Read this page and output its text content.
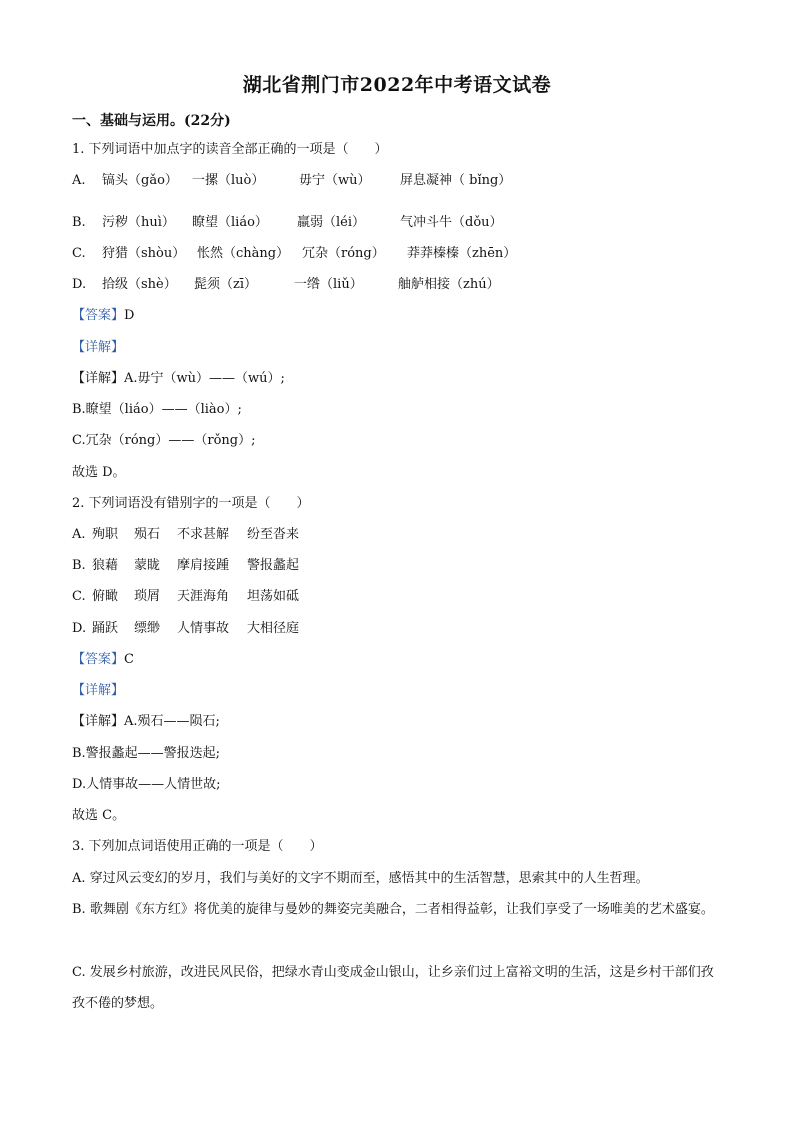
湖北省荆门市2022年中考语文试卷
一、基础与运用。(22分)
1. 下列词语中加点字的读音全部正确的一项是（　　）
A.	镐头（gǎo）	一摞（luò）	毋宁（wù）	屏息凝神（ bǐng）
B.	污秽（huì）	瞭望（liáo）	羸弱（léi）	气冲斗牛（dǒu）
C.	狩猎（shòu） 怅然（chàng） 冗杂（róng）	莽莽榛榛（zhēn）
D.	拾级（shè）	髭须（zī）	一绺（liǔ）	舳舻相接（zhú）
【答案】D
【详解】
【详解】A.毋宁（wù）——（wú）;
B.瞭望（liáo）——（liào）;
C.冗杂（róng）——（rǒng）;
故选 D。
2. 下列词语没有错别字的一项是（　　）
A. 殉职	殒石	不求甚解	纷至沓来
B. 狼藉	蒙眬	摩肩接踵	警报蠡起
C. 俯瞰	琐屑	天涯海角	坦荡如砥
D. 踊跃	缥缈	人情事故	大相径庭
【答案】C
【详解】
【详解】A.殒石——陨石;
B.警报蠡起——警报迭起;
D.人情事故——人情世故;
故选 C。
3. 下列加点词语使用正确的一项是（　　）
A. 穿过风云变幻的岁月，我们与美好的文字不期而至，感悟其中的生活智慧，思索其中的人生哲理。
B. 歌舞剧《东方红》将优美的旋律与曼妙的舞姿完美融合，二者相得益彰，让我们享受了一场唯美的艺术盛宴。
C. 发展乡村旅游，改进民风民俗，把绿水青山变成金山银山，让乡亲们过上富裕文明的生活，这是乡村干部们孜孜不倦的梦想。
